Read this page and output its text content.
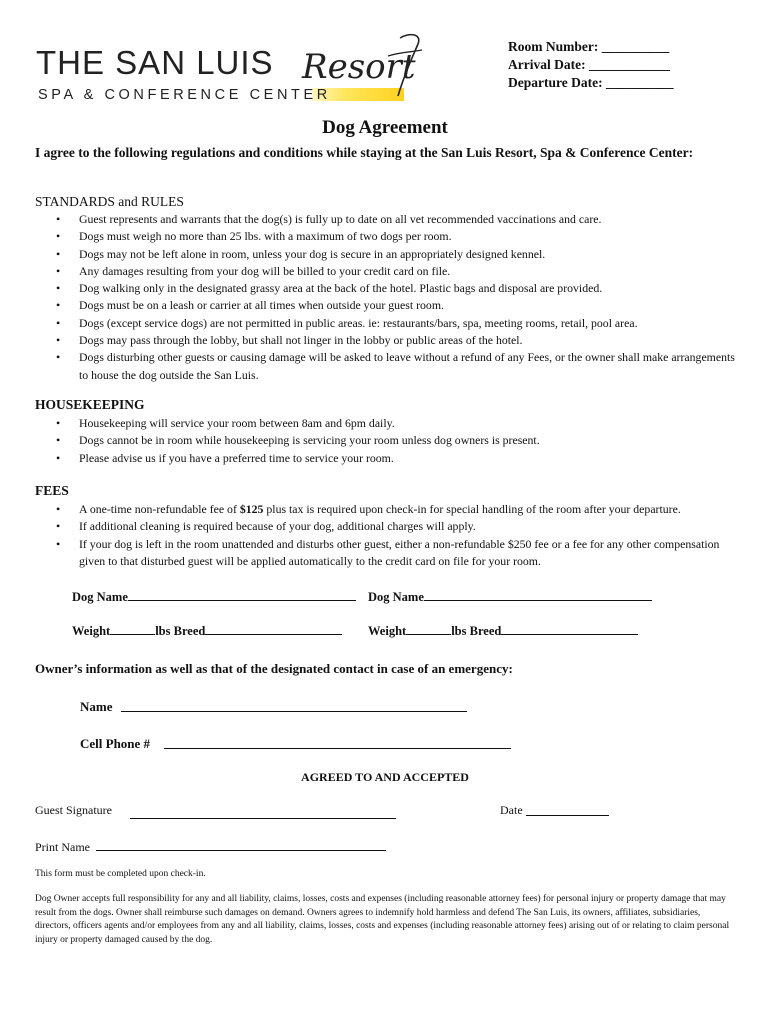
THE SAN LUIS
SPA & CONFERENCE CENTER
Resort
Room Number: __________
Arrival Date: ____________
Departure Date: __________
Dog Agreement
I agree to the following regulations and conditions while staying at the San Luis Resort, Spa & Conference Center:
STANDARDS and RULES
• Guest represents and warrants that the dog(s) is fully up to date on all vet recommended vaccinations and care.
• Dogs must weigh no more than 25 lbs. with a maximum of two dogs per room.
• Dogs may not be left alone in room, unless your dog is secure in an appropriately designed kennel.
• Any damages resulting from your dog will be billed to your credit card on file.
• Dog walking only in the designated grassy area at the back of the hotel. Plastic bags and disposal are provided.
• Dogs must be on a leash or carrier at all times when outside your guest room.
• Dogs (except service dogs) are not permitted in public areas. ie: restaurants/bars, spa, meeting rooms, retail, pool area.
• Dogs may pass through the lobby, but shall not linger in the lobby or public areas of the hotel.
• Dogs disturbing other guests or causing damage will be asked to leave without a refund of any Fees, or the owner shall make arrangements to house the dog outside the San Luis.
HOUSEKEEPING
• Housekeeping will service your room between 8am and 6pm daily.
• Dogs cannot be in room while housekeeping is servicing your room unless dog owners is present.
• Please advise us if you have a preferred time to service your room.
FEES
• A one-time non-refundable fee of $125 plus tax is required upon check-in for special handling of the room after your departure.
• If additional cleaning is required because of your dog, additional charges will apply.
• If your dog is left in the room unattended and disturbs other guest, either a non-refundable $250 fee or a fee for any other compensation given to that disturbed guest will be applied automatically to the credit card on file for your room.
Dog Name	Dog Name
Weight	lbs Breed	Weight	lbs Breed
Owner’s information as well as that of the designated contact in case of an emergency:
Name
Cell Phone #
AGREED TO AND ACCEPTED
Guest Signature	Date
Print Name
This form must be completed upon check-in.
Dog Owner accepts full responsibility for any and all liability, claims, losses, costs and expenses (including reasonable attorney fees) for personal injury or property damage that may result from the dogs. Owner shall reimburse such damages on demand. Owners agrees to indemnify hold harmless and defend The San Luis, its owners, affiliates, subsidiaries, directors, officers agents and/or employees from any and all liability, claims, losses, costs and expenses (including reasonable attorney fees) arising out of or relating to claim personal injury or property damaged caused by the dog.
